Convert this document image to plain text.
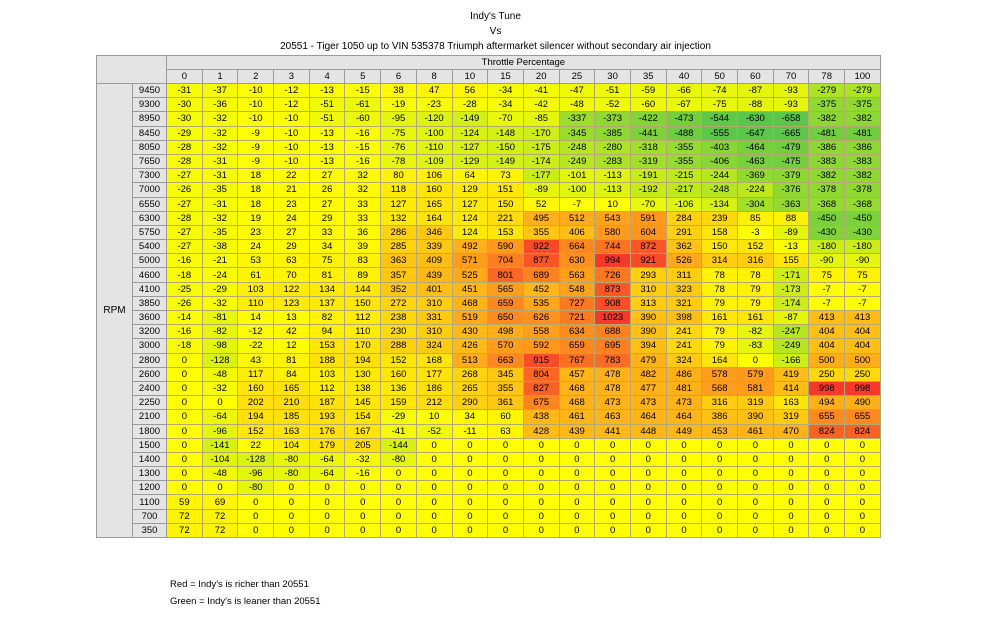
Indy's Tune
Vs
20551 - Tiger 1050 up to VIN 535378 Triumph aftermarket silencer without secondary air injection
		Throttle Percentage																			
		0	1	2	3	4	5	6	8	10	15	20	25	30	35	40	50	60	70	78	100
RPM	9450	-31	-37	-10	-12	-13	-15	38	47	56	-34	-41	-47	-51	-59	-66	-74	-87	-93	-279	-279
	9300	-30	-36	-10	-12	-51	-61	-19	-23	-28	-34	-42	-48	-52	-60	-67	-75	-88	-93	-375	-375
	8950	-30	-32	-10	-10	-51	-60	-95	-120	-149	-70	-85	-337	-373	-422	-473	-544	-630	-658	-382	-382
	8450	-29	-32	-9	-10	-13	-16	-75	-100	-124	-148	-170	-345	-385	-441	-488	-555	-647	-665	-481	-481
	8050	-28	-32	-9	-10	-13	-15	-76	-110	-127	-150	-175	-248	-280	-318	-355	-403	-464	-479	-386	-386
	7650	-28	-31	-9	-10	-13	-16	-78	-109	-129	-149	-174	-249	-283	-319	-355	-406	-463	-475	-383	-383
	7300	-27	-31	18	22	27	32	80	106	64	73	-177	-101	-113	-191	-215	-244	-369	-379	-382	-382
	7000	-26	-35	18	21	26	32	118	160	129	151	-89	-100	-113	-192	-217	-248	-224	-376	-378	-378
	6550	-27	-31	18	23	27	33	127	165	127	150	52	-7	10	-70	-106	-134	-304	-363	-368	-368
	6300	-28	-32	19	24	29	33	132	164	124	221	495	512	543	591	284	239	85	88	-450	-450
	5750	-27	-35	23	27	33	36	286	346	124	153	355	406	580	604	291	158	-3	-89	-430	-430
	5400	-27	-38	24	29	34	39	285	339	492	590	922	664	744	872	362	150	152	-13	-180	-180
	5000	-16	-21	53	63	75	83	363	409	571	704	877	630	994	921	526	314	316	155	-90	-90
	4600	-18	-24	61	70	81	89	357	439	525	801	689	563	726	293	311	78	78	-171	75	75
	4100	-25	-29	103	122	134	144	352	401	451	565	452	548	873	310	323	78	79	-173	-7	-7
	3850	-26	-32	110	123	137	150	272	310	468	659	535	727	908	313	321	79	79	-174	-7	-7
	3600	-14	-81	14	13	82	112	238	331	519	650	626	721	1023	390	398	161	161	-87	413	413
	3200	-16	-82	-12	42	94	110	230	310	430	498	558	634	688	390	241	79	-82	-247	404	404
	3000	-18	-98	-22	12	153	170	288	324	426	570	592	659	695	394	241	79	-83	-249	404	404
	2800	0	-128	43	81	188	194	152	168	513	663	915	767	783	479	324	164	0	-166	500	500
	2600	0	-48	117	84	103	130	160	177	268	345	804	457	478	482	486	578	579	419	250	250
	2400	0	-32	160	165	112	138	136	186	265	355	827	468	478	477	481	568	581	414	998	998
	2250	0	0	202	210	187	145	159	212	290	361	675	468	473	473	473	316	319	163	494	490
	2100	0	-64	194	185	193	154	-29	10	34	60	438	461	463	464	464	386	390	319	655	655
	1800	0	-96	152	163	176	167	-41	-52	-11	63	428	439	441	448	449	453	461	470	824	824
	1500	0	-141	22	104	179	205	-144	0	0	0	0	0	0	0	0	0	0	0	0	0
	1400	0	-104	-128	-80	-64	-32	-80	0	0	0	0	0	0	0	0	0	0	0	0	0
	1300	0	-48	-96	-80	-64	-16	0	0	0	0	0	0	0	0	0	0	0	0	0	0
	1200	0	0	-80	0	0	0	0	0	0	0	0	0	0	0	0	0	0	0	0	0
	1100	59	69	0	0	0	0	0	0	0	0	0	0	0	0	0	0	0	0	0	0
	700	72	72	0	0	0	0	0	0	0	0	0	0	0	0	0	0	0	0	0	0
	350	72	72	0	0	0	0	0	0	0	0	0	0	0	0	0	0	0	0	0	0
Red = Indy's is richer than 20551
Green = Indy's is leaner than 20551
